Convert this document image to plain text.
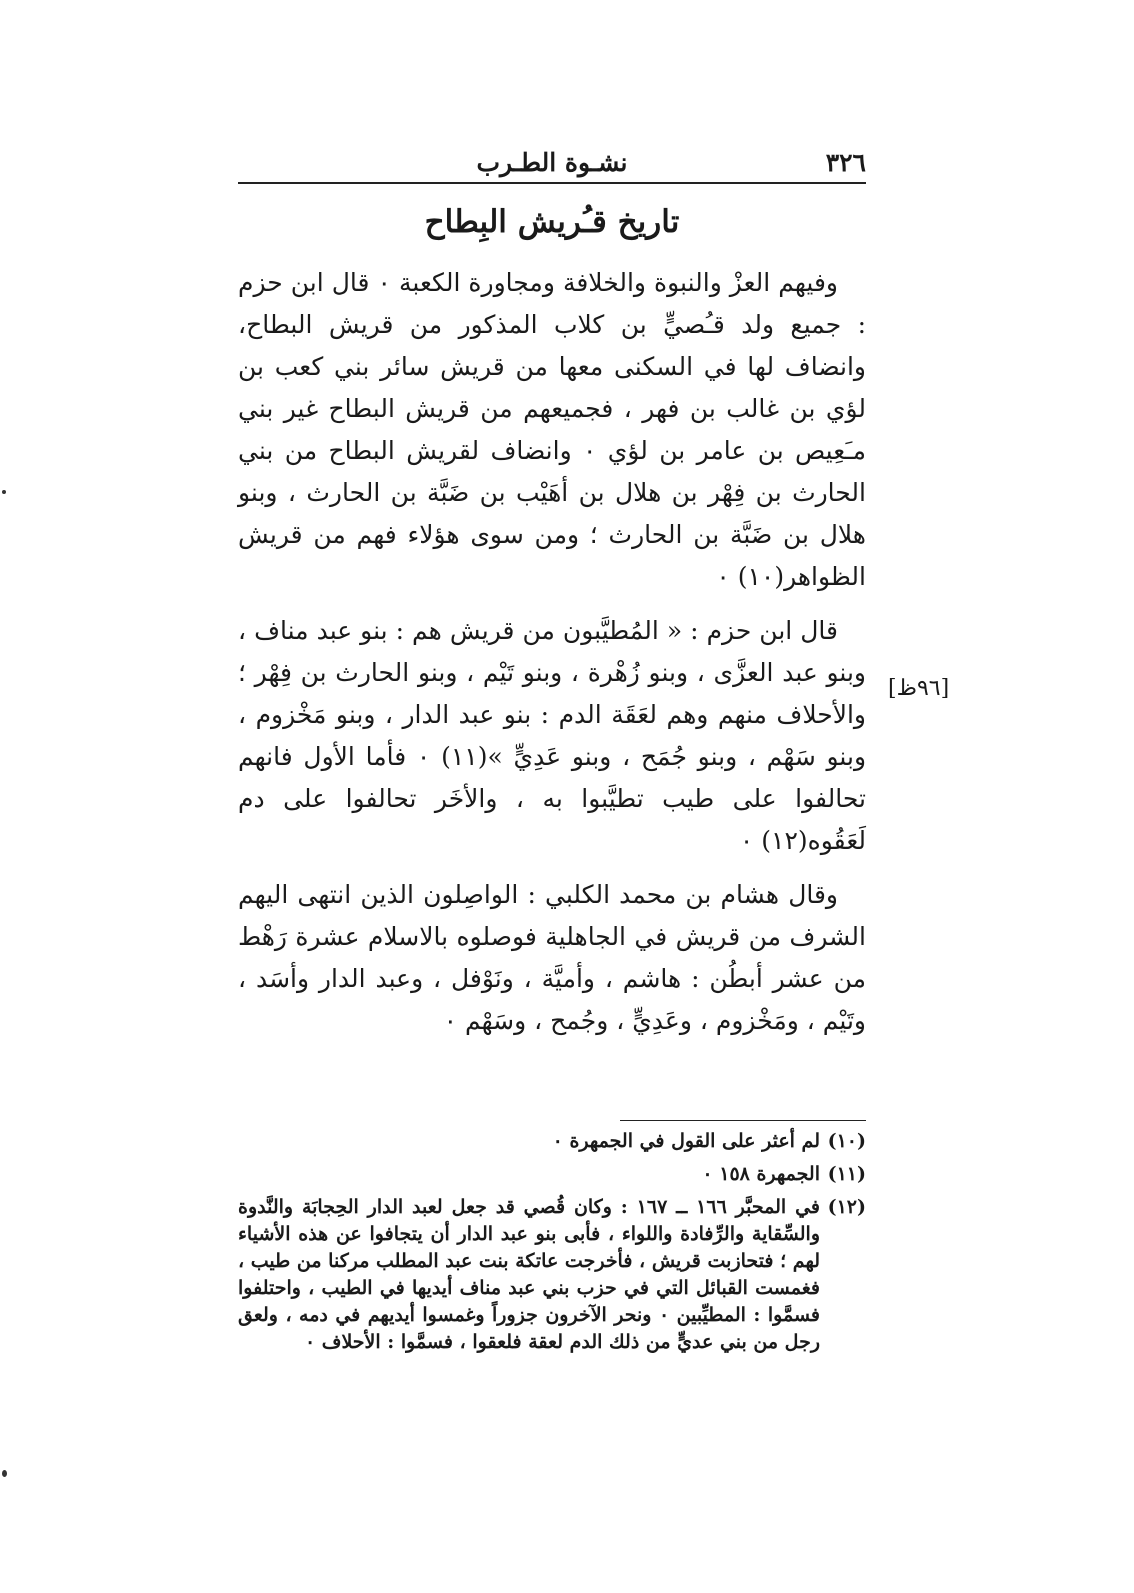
٣٢٦
نشـوة الطـرب
تاريخ قـُريش البِطاح

وفيهم العزْ والنبوة والخلافة ومجاورة الكعبة ٠ قال ابن حزم : جميع ولد قـُصيٍّ بن كلاب المذكور من قريش البطاح، وانضاف لها في السكنى معها من قريش سائر بني كعب بن لؤي بن غالب بن فهر ، فجميعهم من قريش البطاح غير بني مـَعِيص بن عامر بن لؤي ٠ وانضاف لقريش البطاح من بني الحارث بن فِهْر بن هلال بن أهَيْب بن ضَبَّة بن الحارث ، وبنو هلال بن ضَبَّة بن الحارث ؛ ومن سوى هؤلاء فهم من قريش الظواهر(١٠) ٠

قال ابن حزم : « المُطيَّبون من قريش هم : بنو عبد مناف ، وبنو عبد العزَّى ، وبنو زُهْرة ، وبنو تَيْم ، وبنو الحارث بن فِهْر ؛ والأحلاف منهم وهم لعَقَة الدم : بنو عبد الدار ، وبنو مَخْزوم ، وبنو سَهْم ، وبنو جُمَح ، وبنو عَدِيٍّ »(١١) ٠ فأما الأول فانهم تحالفوا على طيب تطيَّبوا به ، والأخَر تحالفوا على دم لَعَقُوه(١٢) ٠

وقال هشام بن محمد الكلبي : الواصِلون الذين انتهى اليهم الشرف من قريش في الجاهلية فوصلوه بالاسلام عشرة رَهْط من عشر أبطُن : هاشم ، وأميَّة ، ونَوْفل ، وعبد الدار وأسَد ، وتَيْم ، ومَخْزوم ، وعَدِيٍّ ، وجُمح ، وسَهْم ٠

[٩٦ظ]
(١٠)
لم أعثر على القول في الجمهرة ٠
(١١)
الجمهرة ١٥٨ ٠
(١٢)
في المحبَّر ١٦٦ ــ ١٦٧ : وكان قُصي قد جعل لعبد الدار الحِجابَة والنَّدوة والسِّقاية والرِّفادة واللواء ، فأبى بنو عبد الدار أن يتجافوا عن هذه الأشياء لهم ؛ فتحازبت قريش ، فأخرجت عاتكة بنت عبد المطلب مركنا من طيب ، فغمست القبائل التي في حزب بني عبد مناف أيديها في الطيب ، واحتلفوا فسمَّوا : المطيِّبين ٠ ونحر الآخرون جزوراً وغمسوا أيديهم في دمه ، ولعق رجل من بني عديٍّ من ذلك الدم لعقة فلعقوا ، فسمَّوا : الأحلاف ٠
